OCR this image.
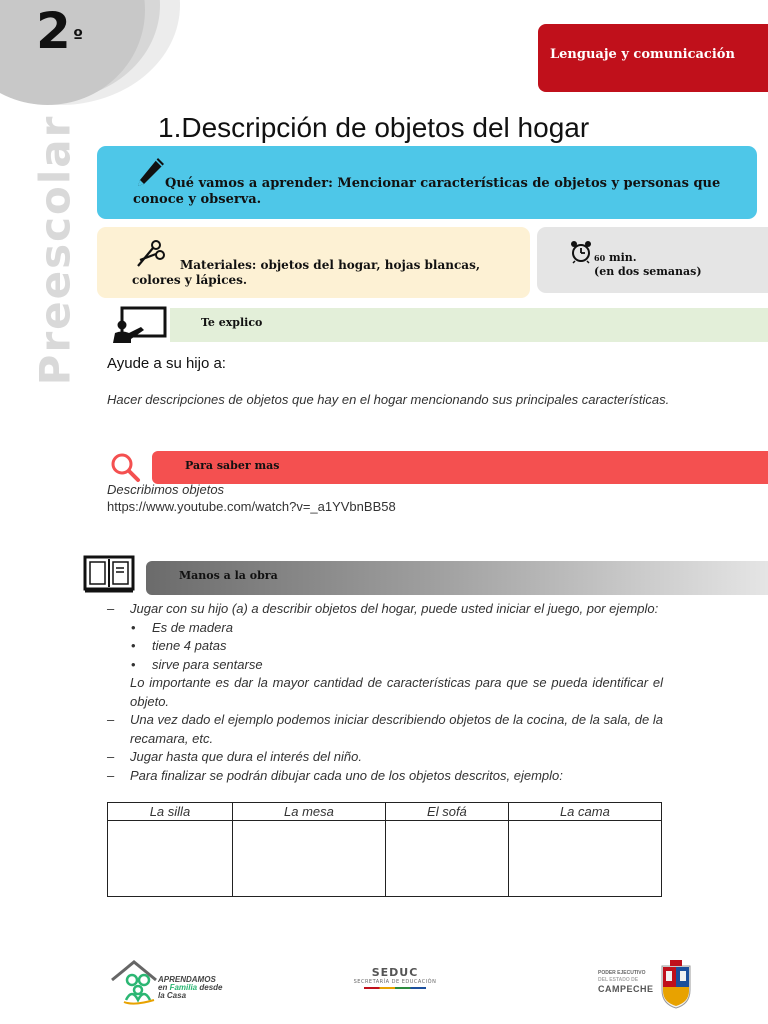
2 º
Preescolar
Lenguaje y comunicación
1.Descripción de objetos del hogar
Qué vamos a aprender: Mencionar características de objetos y personas que conoce y observa.
Materiales: objetos del hogar, hojas blancas, colores y lápices.
60 min.
(en dos semanas)
Te explico
Ayude a su hijo a:
Hacer descripciones de objetos que hay en el hogar mencionando sus principales características.
Para saber mas
Describimos objetos
https://www.youtube.com/watch?v=_a1YVbnBB58
Manos a la obra
– Jugar con su hijo (a) a describir objetos del hogar, puede usted iniciar el juego, por ejemplo:
• Es de madera
• tiene 4 patas
• sirve para sentarse
Lo importante es dar la mayor cantidad de características para que se pueda identificar el objeto.
– Una vez dado el ejemplo podemos iniciar describiendo objetos de la cocina, de la sala, de la recamara, etc.
– Jugar hasta que dura el interés del niño.
– Para finalizar se podrán dibujar cada uno de los objetos descritos, ejemplo:
La silla	La mesa	El sofá	La cama

APRENDAMOS
en Familia desde
la Casa
SEDUC
SECRETARÍA DE EDUCACIÓN
PODER EJECUTIVO
DEL ESTADO DE
CAMPECHE
